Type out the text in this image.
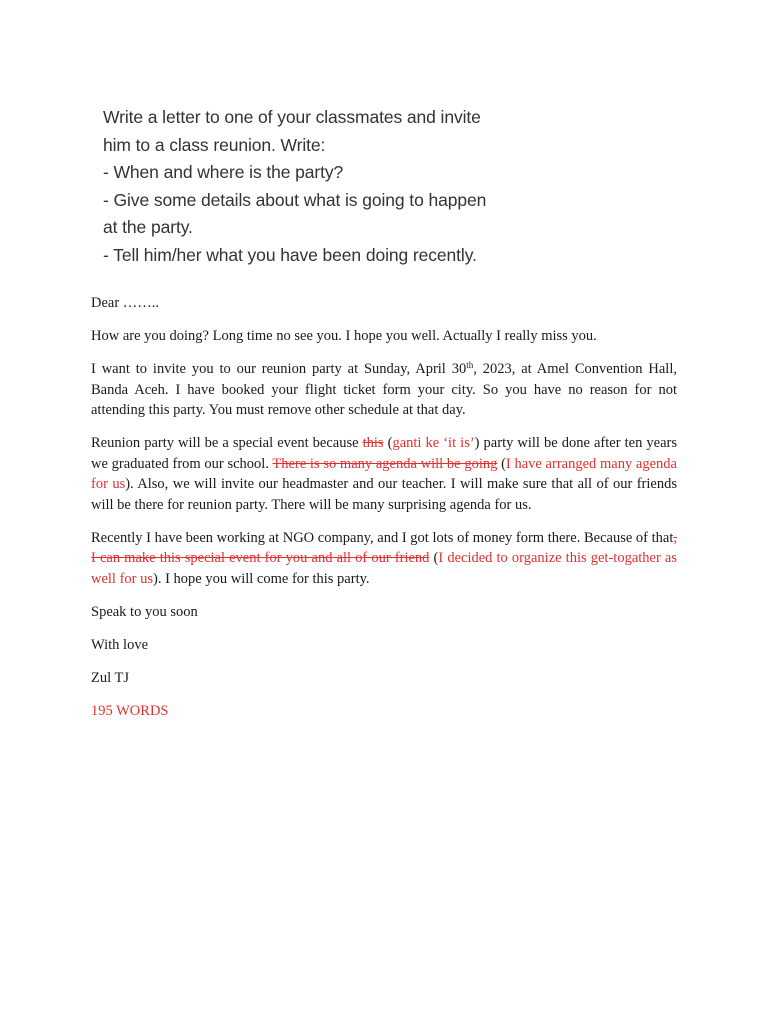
Write a letter to one of your classmates and invite
him to a class reunion. Write:
- When and where is the party?
- Give some details about what is going to happen
at the party.
- Tell him/her what you have been doing recently.

Dear ……..

How are you doing? Long time no see you. I hope you well. Actually I really miss you.

I want to invite you to our reunion party at Sunday, April 30th, 2023, at Amel Convention Hall, Banda Aceh. I have booked your flight ticket form your city. So you have no reason for not attending this party. You must remove other schedule at that day.

Reunion party will be a special event because this (ganti ke ‘it is’) party will be done after ten years we graduated from our school. There is so many agenda will be going (I have arranged many agenda for us). Also, we will invite our headmaster and our teacher. I will make sure that all of our friends will be there for reunion party. There will be many surprising agenda for us.

Recently I have been working at NGO company, and I got lots of money form there. Because of that, I can make this special event for you and all of our friend (I decided to organize this get-togather as well for us). I hope you will come for this party.

Speak to you soon

With love

Zul TJ

195 WORDS
